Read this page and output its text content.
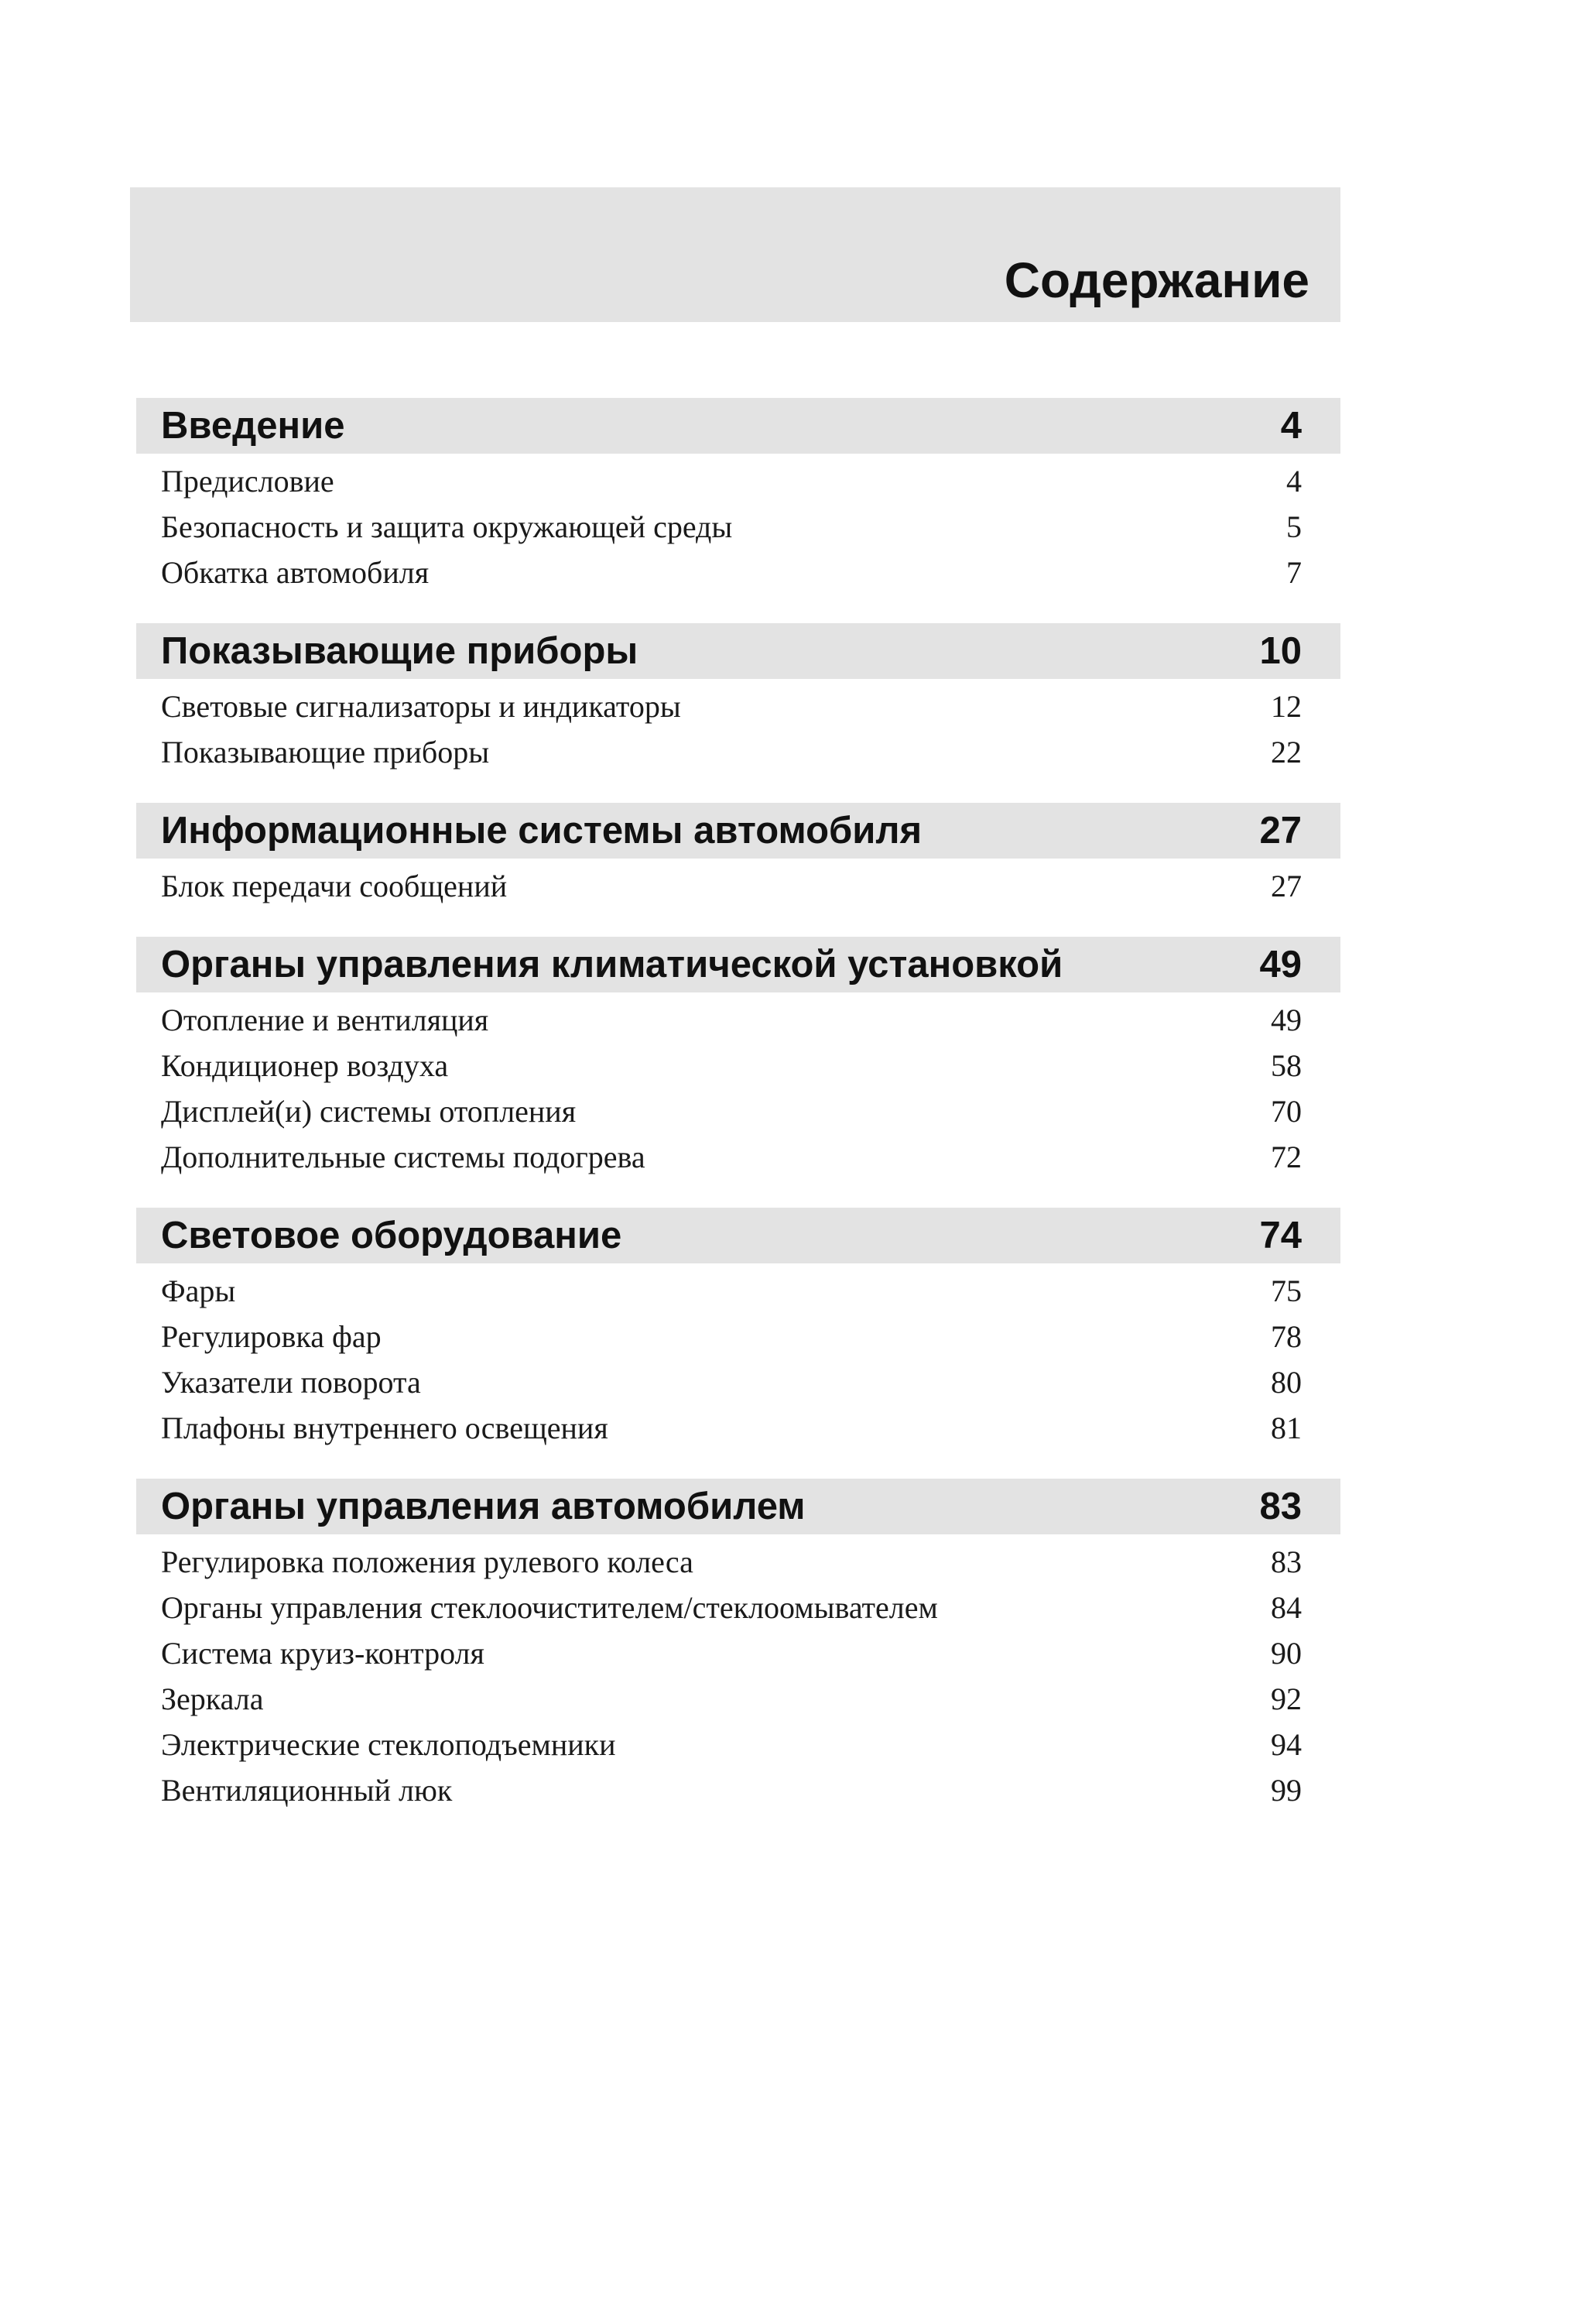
Содержание
Введение	4
Предисловие	4
Безопасность и защита окружающей среды	5
Обкатка автомобиля	7
Показывающие приборы	10
Световые сигнализаторы и индикаторы	12
Показывающие приборы	22
Информационные системы автомобиля	27
Блок передачи сообщений	27
Органы управления климатической установкой	49
Отопление и вентиляция	49
Кондиционер воздуха	58
Дисплей(и) системы отопления	70
Дополнительные системы подогрева	72
Световое оборудование	74
Фары	75
Регулировка фар	78
Указатели поворота	80
Плафоны внутреннего освещения	81
Органы управления автомобилем	83
Регулировка положения рулевого колеса	83
Органы управления стеклоочистителем/стеклоомывателем	84
Система круиз-контроля	90
Зеркала	92
Электрические стеклоподъемники	94
Вентиляционный люк	99
